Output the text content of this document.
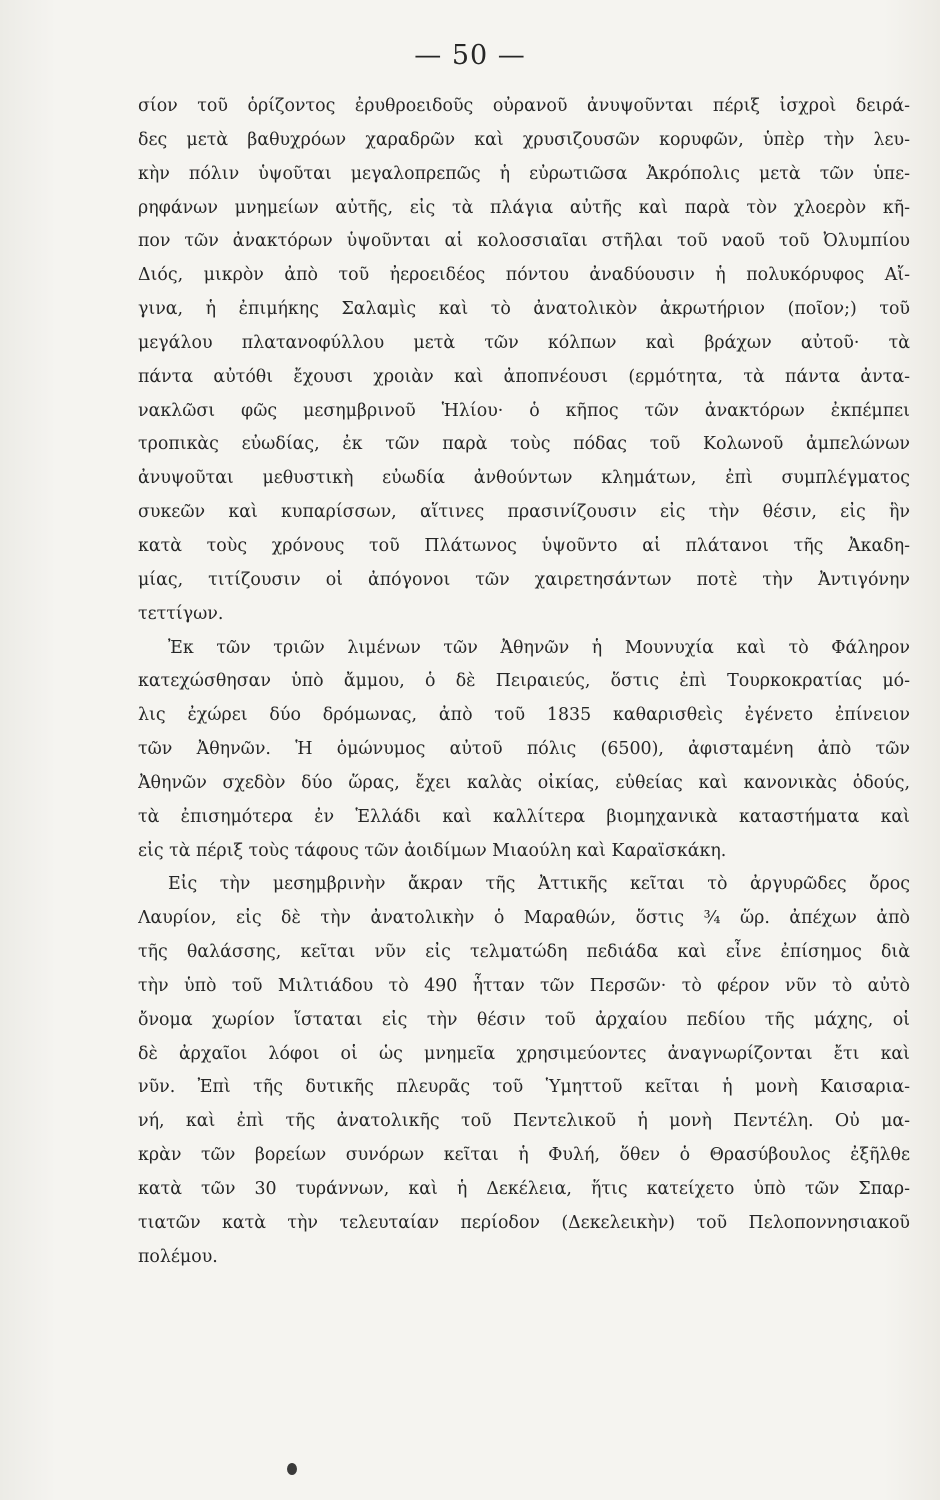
— 50 —
σίον τοῦ ὁρίζοντος ἐρυθροειδοῦς οὐρανοῦ ἀνυψοῦνται πέριξ ἰσχροὶ δειρά-
δες μετὰ βαθυχρόων χαραδρῶν καὶ χρυσιζουσῶν κορυφῶν, ὑπὲρ τὴν λευ-
κὴν πόλιν ὑψοῦται μεγαλοπρεπῶς ἡ εὐρωτιῶσα Ἀκρόπολις μετὰ τῶν ὑπε-
ρηφάνων μνημείων αὐτῆς, εἰς τὰ πλάγια αὐτῆς καὶ παρὰ τὸν χλοερὸν κῆ-
πον τῶν ἀνακτόρων ὑψοῦνται αἱ κολοσσιαῖαι στῆλαι τοῦ ναοῦ τοῦ Ὀλυμπίου
Διός, μικρὸν ἀπὸ τοῦ ἠεροειδέος πόντου ἀναδύουσιν ἡ πολυκόρυφος Αἴ-
γινα, ἡ ἐπιμήκης Σαλαμὶς καὶ τὸ ἀνατολικὸν ἀκρωτήριον (ποῖον;) τοῦ
μεγάλου πλατανοφύλλου μετὰ τῶν κόλπων καὶ βράχων αὐτοῦ· τὰ
πάντα αὐτόθι ἔχουσι χροιὰν καὶ ἀποπνέουσι (ερμότητα, τὰ πάντα ἀντα-
νακλῶσι φῶς μεσημβρινοῦ Ἡλίου· ὁ κῆπος τῶν ἀνακτόρων ἐκπέμπει
τροπικὰς εὐωδίας, ἐκ τῶν παρὰ τοὺς πόδας τοῦ Κολωνοῦ ἀμπελώνων
ἀνυψοῦται μεθυστικὴ εὐωδία ἀνθούντων κλημάτων, ἐπὶ συμπλέγματος
συκεῶν καὶ κυπαρίσσων, αἵτινες πρασινίζουσιν εἰς τὴν θέσιν, εἰς ἣν
κατὰ τοὺς χρόνους τοῦ Πλάτωνος ὑψοῦντο αἱ πλάτανοι τῆς Ἀκαδη-
μίας, τιτίζουσιν οἱ ἀπόγονοι τῶν χαιρετησάντων ποτὲ τὴν Ἀντιγόνην
τεττίγων.
Ἐκ τῶν τριῶν λιμένων τῶν Ἀθηνῶν ἡ Μουνυχία καὶ τὸ Φάληρον
κατεχώσθησαν ὑπὸ ἄμμου, ὁ δὲ Πειραιεύς, ὅστις ἐπὶ Τουρκοκρατίας μό-
λις ἐχώρει δύο δρόμωνας, ἀπὸ τοῦ 1835 καθαρισθεὶς ἐγένετο ἐπίνειον
τῶν Ἀθηνῶν. Ἡ ὁμώνυμος αὐτοῦ πόλις (6500), ἀφισταμένη ἀπὸ τῶν
Ἀθηνῶν σχεδὸν δύο ὥρας, ἔχει καλὰς οἰκίας, εὐθείας καὶ κανονικὰς ὁδούς,
τὰ ἐπισημότερα ἐν Ἑλλάδι καὶ καλλίτερα βιομηχανικὰ καταστήματα καὶ
εἰς τὰ πέριξ τοὺς τάφους τῶν ἀοιδίμων Μιαούλη καὶ Καραϊσκάκη.
Εἰς τὴν μεσημβρινὴν ἄκραν τῆς Ἀττικῆς κεῖται τὸ ἀργυρῶδες ὄρος
Λαυρίον, εἰς δὲ τὴν ἀνατολικὴν ὁ Μαραθών, ὅστις ¾ ὥρ. ἀπέχων ἀπὸ
τῆς θαλάσσης, κεῖται νῦν εἰς τελματώδη πεδιάδα καὶ εἶνε ἐπίσημος διὰ
τὴν ὑπὸ τοῦ Μιλτιάδου τὸ 490 ἧτταν τῶν Περσῶν· τὸ φέρον νῦν τὸ αὐτὸ
ὄνομα χωρίον ἵσταται εἰς τὴν θέσιν τοῦ ἀρχαίου πεδίου τῆς μάχης, οἱ
δὲ ἀρχαῖοι λόφοι οἱ ὡς μνημεῖα χρησιμεύοντες ἀναγνωρίζονται ἔτι καὶ
νῦν. Ἐπὶ τῆς δυτικῆς πλευρᾶς τοῦ Ὑμηττοῦ κεῖται ἡ μονὴ Καισαρια-
νή, καὶ ἐπὶ τῆς ἀνατολικῆς τοῦ Πεντελικοῦ ἡ μονὴ Πεντέλη. Οὐ μα-
κρὰν τῶν βορείων συνόρων κεῖται ἡ Φυλή, ὅθεν ὁ Θρασύβουλος ἐξῆλθε
κατὰ τῶν 30 τυράννων, καὶ ἡ Δεκέλεια, ἥτις κατείχετο ὑπὸ τῶν Σπαρ-
τιατῶν κατὰ τὴν τελευταίαν περίοδον (Δεκελεικὴν) τοῦ Πελοποννησιακοῦ
πολέμου.
